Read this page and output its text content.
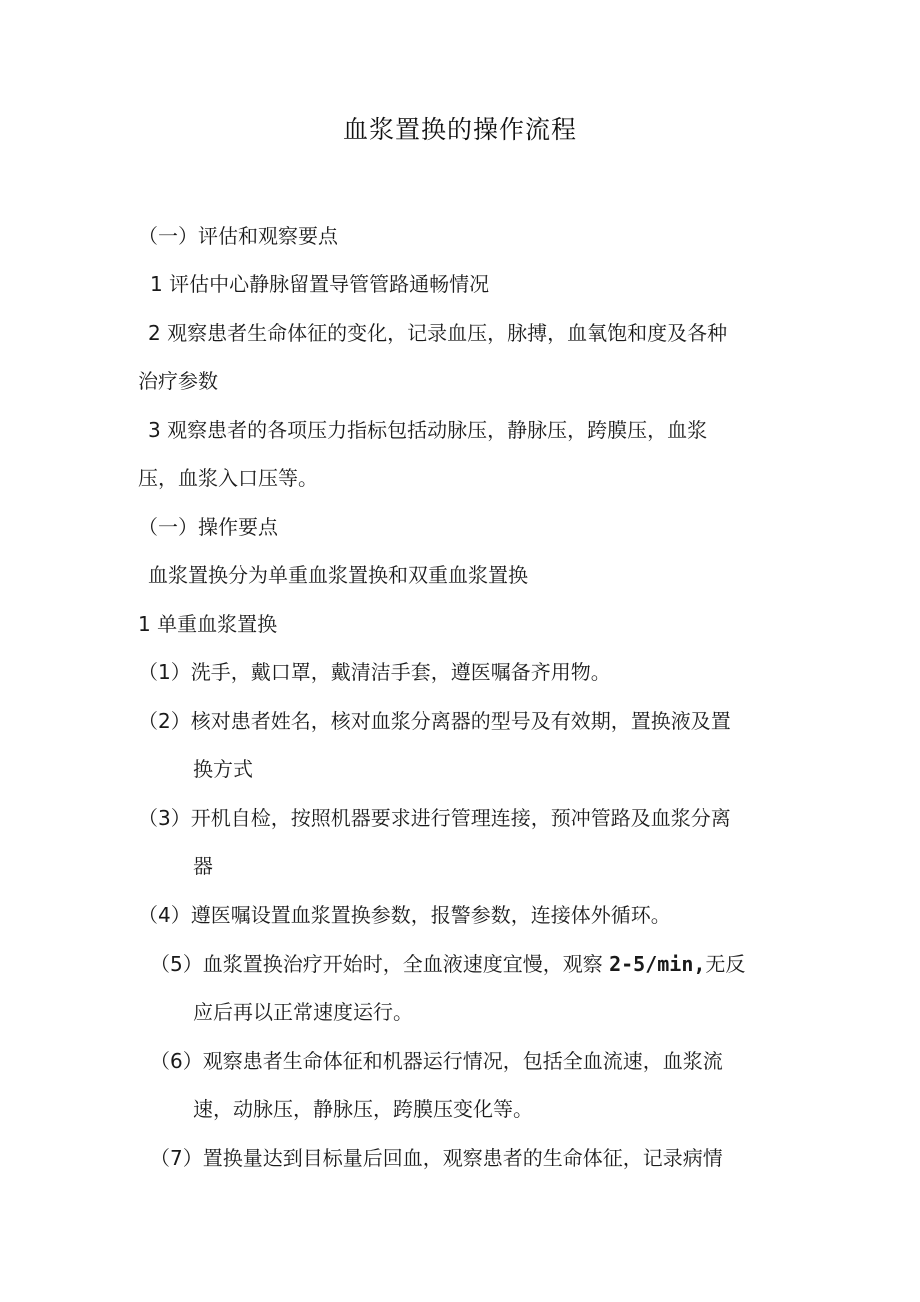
血浆置换的操作流程
（一）评估和观察要点
1 评估中心静脉留置导管管路通畅情况
2 观察患者生命体征的变化，记录血压，脉搏，血氧饱和度及各种
治疗参数
3 观察患者的各项压力指标包括动脉压，静脉压，跨膜压，血浆
压，血浆入口压等。
（一）操作要点
血浆置换分为单重血浆置换和双重血浆置换
1 单重血浆置换
（1）洗手，戴口罩，戴清洁手套，遵医嘱备齐用物。
（2）核对患者姓名，核对血浆分离器的型号及有效期，置换液及置
换方式
（3）开机自检，按照机器要求进行管理连接，预冲管路及血浆分离
器
（4）遵医嘱设置血浆置换参数，报警参数，连接体外循环。
（5）血浆置换治疗开始时，全血液速度宜慢，观察 2-5/min,无反
应后再以正常速度运行。
（6）观察患者生命体征和机器运行情况，包括全血流速，血浆流
速，动脉压，静脉压，跨膜压变化等。
（7）置换量达到目标量后回血，观察患者的生命体征，记录病情
